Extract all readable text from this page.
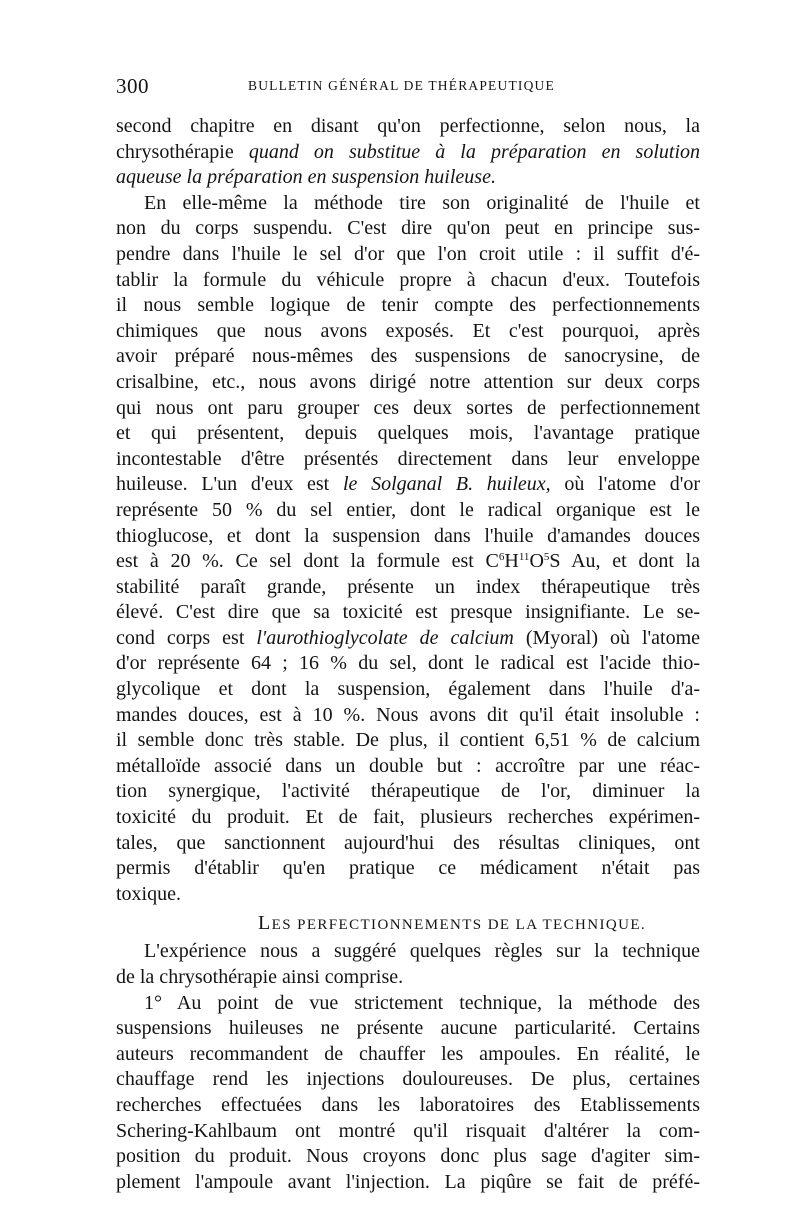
300	BULLETIN GÉNÉRAL DE THÉRAPEUTIQUE
second chapitre en disant qu'on perfectionne, selon nous, la
chrysothérapie quand on substitue à la préparation en solution
aqueuse la préparation en suspension huileuse.
En elle-même la méthode tire son originalité de l'huile et
non du corps suspendu. C'est dire qu'on peut en principe sus-
pendre dans l'huile le sel d'or que l'on croit utile : il suffit d'é-
tablir la formule du véhicule propre à chacun d'eux. Toutefois
il nous semble logique de tenir compte des perfectionnements
chimiques que nous avons exposés. Et c'est pourquoi, après
avoir préparé nous-mêmes des suspensions de sanocrysine, de
crisalbine, etc., nous avons dirigé notre attention sur deux corps
qui nous ont paru grouper ces deux sortes de perfectionnement
et qui présentent, depuis quelques mois, l'avantage pratique
incontestable d'être présentés directement dans leur enveloppe
huileuse. L'un d'eux est le Solganal B. huileux, où l'atome d'or
représente 50 % du sel entier, dont le radical organique est le
thioglucose, et dont la suspension dans l'huile d'amandes douces
est à 20 %. Ce sel dont la formule est $C^6H^{11}O^5S$ Au, et dont la
stabilité paraît grande, présente un index thérapeutique très
élevé. C'est dire que sa toxicité est presque insignifiante. Le se-
cond corps est l'aurothioglycolate de calcium (Myoral) où l'atome
d'or représente 64 ; 16 % du sel, dont le radical est l'acide thio-
glycolique et dont la suspension, également dans l'huile d'a-
mandes douces, est à 10 %. Nous avons dit qu'il était insoluble :
il semble donc très stable. De plus, il contient 6,51 % de calcium
métalloïde associé dans un double but : accroître par une réac-
tion synergique, l'activité thérapeutique de l'or, diminuer la
toxicité du produit. Et de fait, plusieurs recherches expérimen-
tales, que sanctionnent aujourd'hui des résultas cliniques, ont
permis d'établir qu'en pratique ce médicament n'était pas
toxique.
LES PERFECTIONNEMENTS DE LA TECHNIQUE.
L'expérience nous a suggéré quelques règles sur la technique
de la chrysothérapie ainsi comprise.
1° Au point de vue strictement technique, la méthode des
suspensions huileuses ne présente aucune particularité. Certains
auteurs recommandent de chauffer les ampoules. En réalité, le
chauffage rend les injections douloureuses. De plus, certaines
recherches effectuées dans les laboratoires des Etablissements
Schering-Kahlbaum ont montré qu'il risquait d'altérer la com-
position du produit. Nous croyons donc plus sage d'agiter sim-
plement l'ampoule avant l'injection. La piqûre se fait de préfé-
